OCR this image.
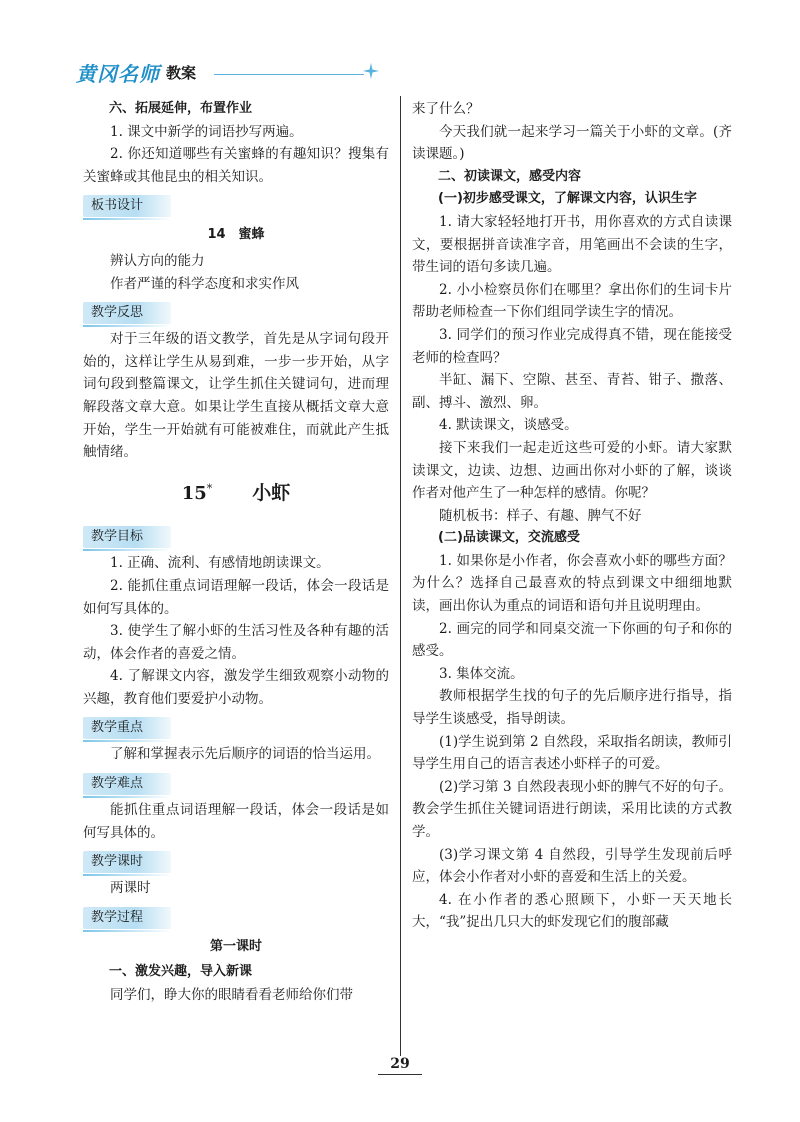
黄冈名师 教案

六、拓展延伸，布置作业

1. 课文中新学的词语抄写两遍。

2. 你还知道哪些有关蜜蜂的有趣知识？搜集有关蜜蜂或其他昆虫的相关知识。

板书设计

14　蜜蜂

辨认方向的能力

作者严谨的科学态度和求实作风

教学反思

对于三年级的语文教学，首先是从字词句段开始的，这样让学生从易到难，一步一步开始，从字词句段到整篇课文，让学生抓住关键词句，进而理解段落文章大意。如果让学生直接从概括文章大意开始，学生一开始就有可能被难住，而就此产生抵触情绪。

15* 小虾
教学目标

1. 正确、流利、有感情地朗读课文。

2. 能抓住重点词语理解一段话，体会一段话是如何写具体的。

3. 使学生了解小虾的生活习性及各种有趣的活动，体会作者的喜爱之情。

4. 了解课文内容，激发学生细致观察小动物的兴趣，教育他们要爱护小动物。

教学重点

了解和掌握表示先后顺序的词语的恰当运用。

教学难点

能抓住重点词语理解一段话，体会一段话是如何写具体的。

教学课时

两课时

教学过程

第一课时

一、激发兴趣，导入新课

同学们，睁大你的眼睛看看老师给你们带

来了什么？

今天我们就一起来学习一篇关于小虾的文章。(齐读课题。)

二、初读课文，感受内容

(一)初步感受课文，了解课文内容，认识生字

1. 请大家轻轻地打开书，用你喜欢的方式自读课文，要根据拼音读准字音，用笔画出不会读的生字，带生词的语句多读几遍。

2. 小小检察员你们在哪里？拿出你们的生词卡片帮助老师检查一下你们组同学读生字的情况。

3. 同学们的预习作业完成得真不错，现在能接受老师的检查吗？

半缸、漏下、空隙、甚至、青苔、钳子、撒落、副、搏斗、激烈、卵。

4. 默读课文，谈感受。

接下来我们一起走近这些可爱的小虾。请大家默读课文，边读、边想、边画出你对小虾的了解，谈谈作者对他产生了一种怎样的感情。你呢？

随机板书：样子、有趣、脾气不好

(二)品读课文，交流感受

1. 如果你是小作者，你会喜欢小虾的哪些方面？为什么？选择自己最喜欢的特点到课文中细细地默读，画出你认为重点的词语和语句并且说明理由。

2. 画完的同学和同桌交流一下你画的句子和你的感受。

3. 集体交流。

教师根据学生找的句子的先后顺序进行指导，指导学生谈感受，指导朗读。

(1)学生说到第 2 自然段，采取指名朗读，教师引导学生用自己的语言表述小虾样子的可爱。

(2)学习第 3 自然段表现小虾的脾气不好的句子。教会学生抓住关键词语进行朗读，采用比读的方式教学。

(3)学习课文第 4 自然段，引导学生发现前后呼应，体会小作者对小虾的喜爱和生活上的关爱。

4. 在小作者的悉心照顾下，小虾一天天地长大，“我”捉出几只大的虾发现它们的腹部藏

29
